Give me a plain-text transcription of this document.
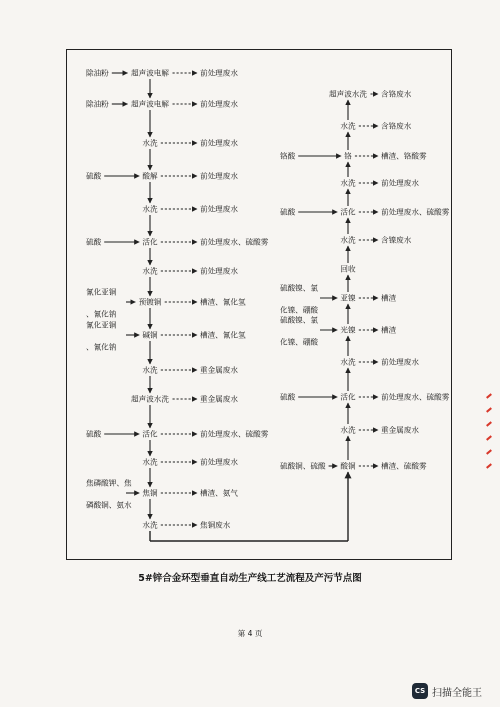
超声波电解
除油粉	前处理废水
超声波电解
除油粉	前处理废水
水洗	前处理废水
酸解
硫酸	前处理废水
水洗	前处理废水
活化
硫酸	前处理废水、硫酸雾
水洗	前处理废水
预镀铜
氰化亚铜
、氰化钠
槽渣、氰化氢
碱铜
氰化亚铜
、氰化钠
槽渣、氰化氢
水洗	重金属废水
超声波水洗	重金属废水
活化
硫酸	前处理废水、硫酸雾
水洗	前处理废水
焦铜
焦磷酸钾、焦
磷酸铜、氨水
槽渣、氨气
水洗	焦铜废水
超声波水洗 含铬废水
水洗	含铬废水
铬
铬酸	槽渣、铬酸雾
水洗	前处理废水
活化
硫酸	前处理废水、硫酸雾
水洗	含镍废水
回收
亚镍
硫酸镍、氯
化镍、硼酸
槽渣
光镍
硫酸镍、氯
化镍、硼酸
槽渣
水洗	前处理废水
活化
硫酸	前处理废水、硫酸雾
水洗	重金属废水
酸铜
硫酸铜、硫酸	槽渣、硫酸雾
5#锌合金环型垂直自动生产线工艺流程及产污节点图
第 4 页
CS 扫描全能王
